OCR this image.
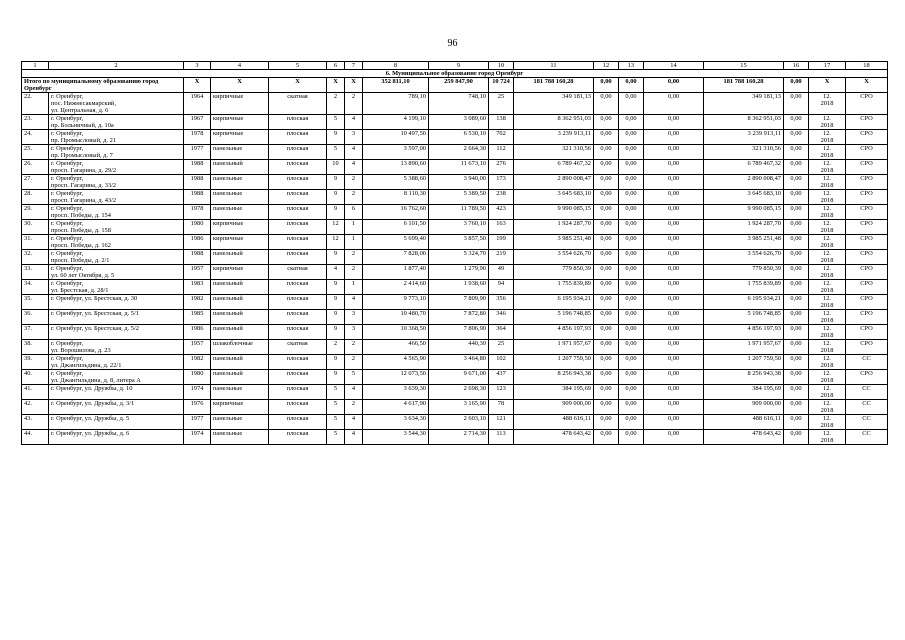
96
1	2	3	4	5	6	7	8	9	10	11	12	13	14	15	16	17	18
6. Муниципальное образование город Оренбург																	
Итого по муниципальному образованию город Оренбург		X	X	X	X	X	352 811,10	259 847,90	10 724	181 788 160,28	0,00	0,00	0,00	181 788 160,28	0,00	X	X
22.	г. Оренбург,
пос. Нижнесакмарский,
ул. Центральная, д. 6	1964	кирпичные	скатная	2	2	789,10	748,10	25	349 181,13	0,00	0,00	0,00	349 181,13	0,00	12.
2018	СРО
23.	г. Оренбург,
пр. Больничный, д. 10а	1967	кирпичные	плоская	5	4	4 199,10	3 089,60	138	8 362 951,03	0,00	0,00	0,00	8 362 951,03	0,00	12.
2018	СРО
24.	г. Оренбург,
пр. Промысловый, д. 21	1978	кирпичные	плоская	9	3	10 497,50	6 530,10	702	3 239 913,11	0,00	0,00	0,00	3 239 913,11	0,00	12.
2018	СРО
25.	г. Оренбург,
пр. Промысловый, д. 7	1977	панельные	плоская	5	4	3 597,00	2 664,30	112	321 310,56	0,00	0,00	0,00	321 310,56	0,00	12.
2018	СРО
26.	г. Оренбург,
просп. Гагарина, д. 29/2	1988	панельный	плоская	10	4	13 890,60	11 673,10	276	6 789 467,32	0,00	0,00	0,00	6 789 467,32	0,00	12.
2018	СРО
27.	г. Оренбург,
просп. Гагарина, д. 33/2	1988	панельные	плоская	9	2	5 388,60	3 940,00	173	2 890 008,47	0,00	0,00	0,00	2 890 008,47	0,00	12.
2018	СРО
28.	г. Оренбург,
просп. Гагарина, д. 43/2	1988	панельные	плоская	9	2	8 110,30	5 389,50	238	3 645 683,10	0,00	0,00	0,00	3 645 683,10	0,00	12.
2018	СРО
29.	г. Оренбург,
просп. Победы, д. 154	1978	панельные	плоская	9	6	16 762,60	11 789,50	423	9 990 085,15	0,00	0,00	0,00	9 990 085,15	0,00	12.
2018	СРО
30.	г. Оренбург,
просп. Победы, д. 158	1980	кирпичные	плоская	12	1	6 101,50	3 760,10	163	1 924 287,70	0,00	0,00	0,00	1 924 287,70	0,00	12.
2018	СРО
31.	г. Оренбург,
просп. Победы, д. 162	1986	кирпичные	плоская	12	1	5 699,40	3 857,50	199	3 985 251,48	0,00	0,00	0,00	3 985 251,48	0,00	12.
2018	СРО
32.	г. Оренбург,
просп. Победы, д. 2/1	1988	панельный	плоская	9	2	7 828,00	5 324,70	219	3 554 626,70	0,00	0,00	0,00	3 554 626,70	0,00	12.
2018	СРО
33.	г. Оренбург,
ул. 60 лет Октября, д. 5	1957	кирпичные	скатная	4	2	1 877,40	1 279,90	49	779 850,39	0,00	0,00	0,00	779 850,39	0,00	12.
2018	СРО
34.	г. Оренбург,
ул. Брестская, д. 28/1	1983	панельный	плоская	9	1	2 414,60	1 938,60	94	1 755 839,89	0,00	0,00	0,00	1 755 839,89	0,00	12.
2018	СРО
35.	г. Оренбург, ул. Брестская, д. 30	1982	панельный	плоская	9	4	9 773,10	7 809,90	356	6 195 934,21	0,00	0,00	0,00	6 195 934,21	0,00	12.
2018	СРО
36.	г. Оренбург, ул. Брестская, д. 5/1	1985	панельный	плоская	9	3	10 480,70	7 872,80	346	5 196 748,85	0,00	0,00	0,00	5 196 748,85	0,00	12.
2018	СРО
37.	г. Оренбург, ул. Брестская, д. 5/2	1986	панельный	плоская	9	3	10 368,50	7 806,90	364	4 856 197,93	0,00	0,00	0,00	4 856 197,93	0,00	12.
2018	СРО
38.	г. Оренбург,
ул. Ворошилова, д. 23	1957	шлакоблочные	скатная	2	2	466,50	440,30	25	1 971 957,67	0,00	0,00	0,00	1 971 957,67	0,00	12.
2018	СРО
39.	г. Оренбург,
ул. Джангильдина, д. 22/1	1982	панельный	плоская	9	2	4 565,90	3 464,80	102	1 207 759,50	0,00	0,00	0,00	1 207 759,50	0,00	12.
2018	СС
40.	г. Оренбург,
ул. Джангильдина, д. 8, литера А	1980	панельный	плоская	9	5	12 073,50	9 671,00	437	8 256 943,38	0,00	0,00	0,00	8 256 943,38	0,00	12.
2018	СРО
41.	г. Оренбург, ул. Дружбы, д. 10	1974	панельные	плоская	5	4	3 639,30	2 698,30	123	384 195,69	0,00	0,00	0,00	384 195,69	0,00	12.
2018	СС
42.	г. Оренбург, ул. Дружбы, д. 3/1	1976	кирпичные	плоская	5	2	4 617,90	3 165,90	78	909 000,00	0,00	0,00	0,00	909 000,00	0,00	12.
2018	СС
43.	г. Оренбург, ул. Дружбы, д. 5	1977	панельные	плоская	5	4	3 634,30	2 603,10	121	488 616,11	0,00	0,00	0,00	488 616,11	0,00	12.
2018	СС
44.	г. Оренбург, ул. Дружбы, д. 6	1974	панельные	плоская	5	4	3 544,30	2 714,30	113	478 643,42	0,00	0,00	0,00	478 643,42	0,00	12.
2018	СС
